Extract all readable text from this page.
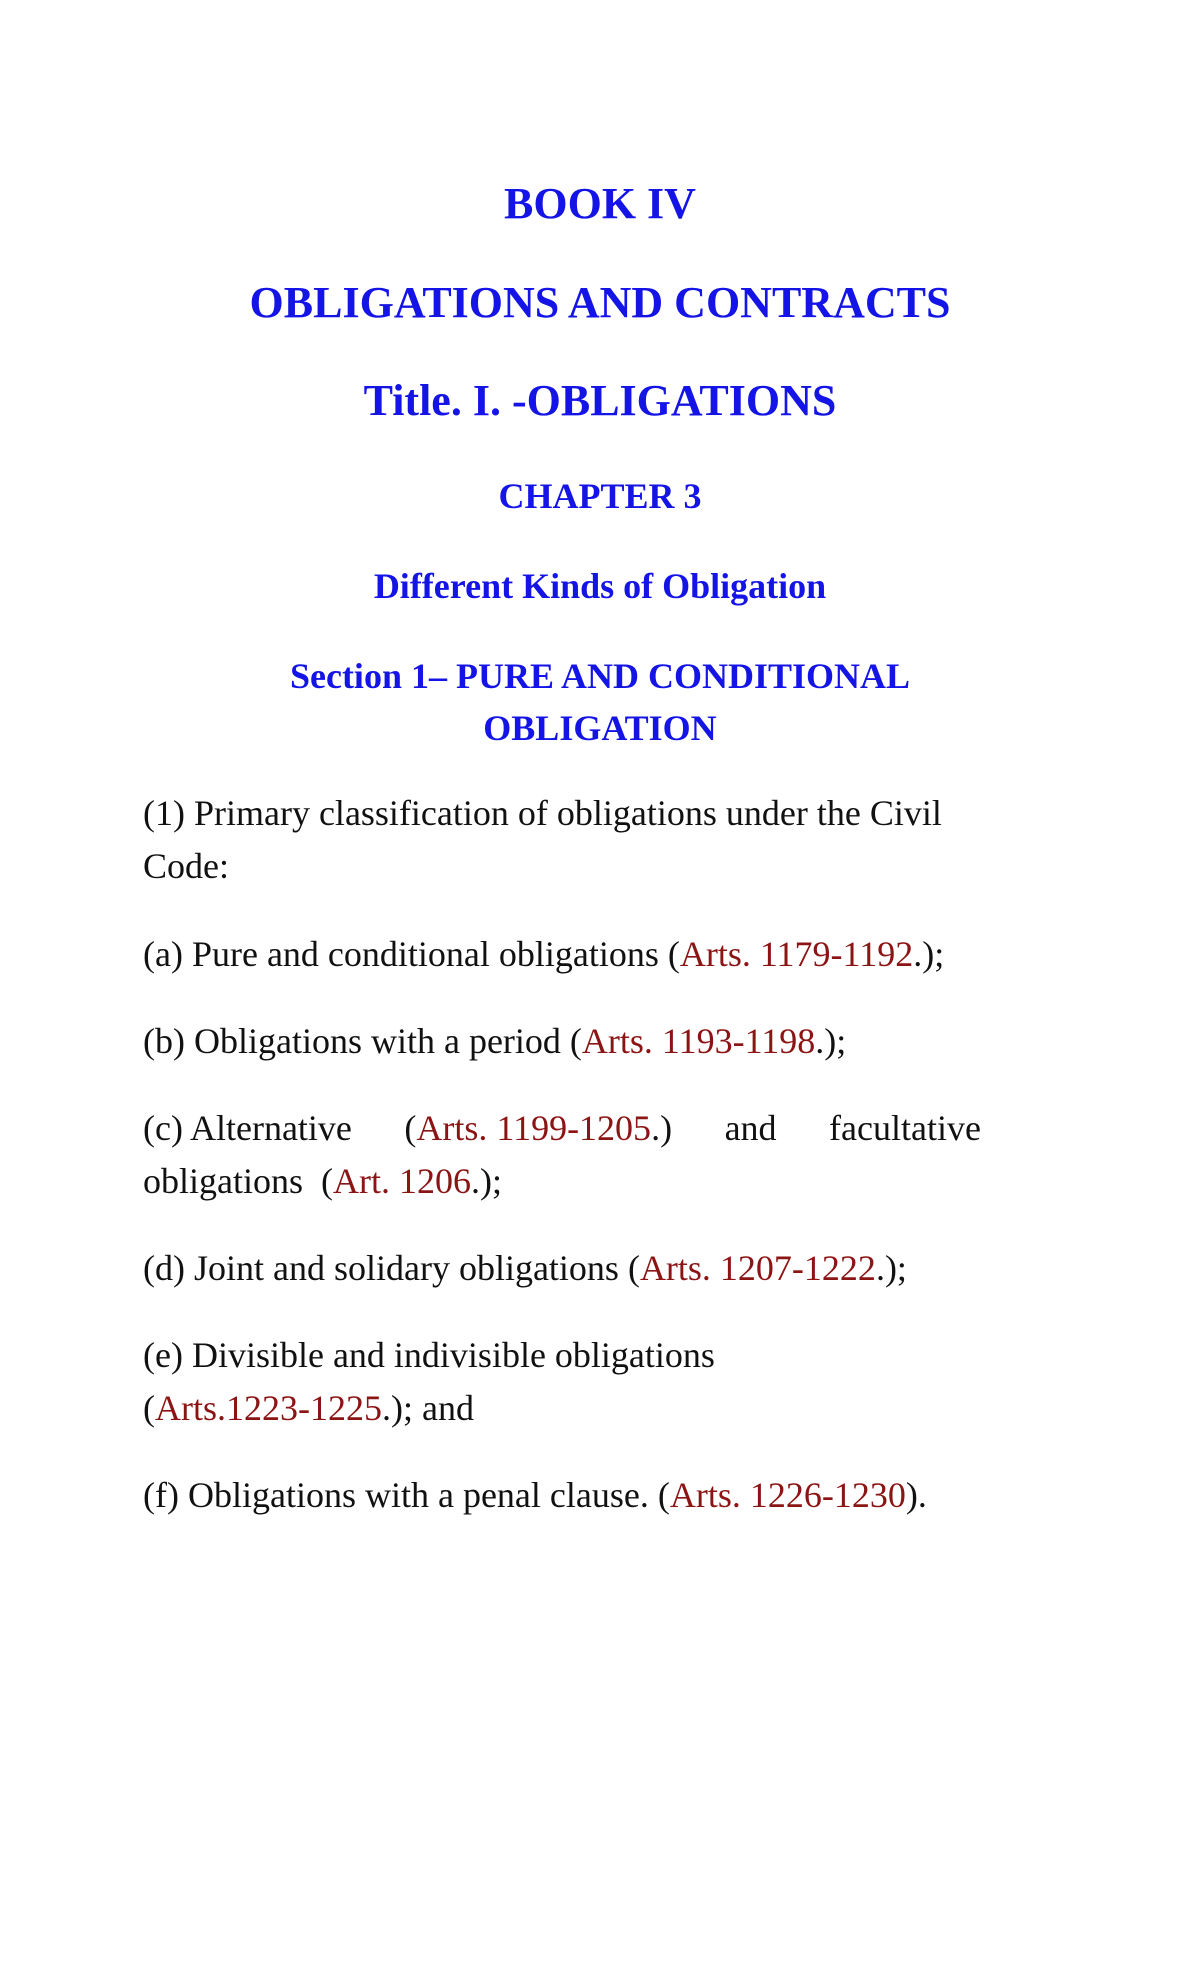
BOOK IV
OBLIGATIONS AND CONTRACTS
Title. I. -OBLIGATIONS
CHAPTER 3
Different Kinds of Obligation
Section 1– PURE AND CONDITIONAL
OBLIGATION

(1) Primary classification of obligations under the Civil
Code:

(a) Pure and conditional obligations (Arts. 1179-1192.);

(b) Obligations with a period (Arts. 1193-1198.);

(c) Alternative (Arts. 1199-1205.) and facultative
obligations  (Art. 1206.);

(d) Joint and solidary obligations (Arts. 1207-1222.);

(e) Divisible and indivisible obligations
(Arts.1223-1225.); and

(f) Obligations with a penal clause. (Arts. 1226-1230).
